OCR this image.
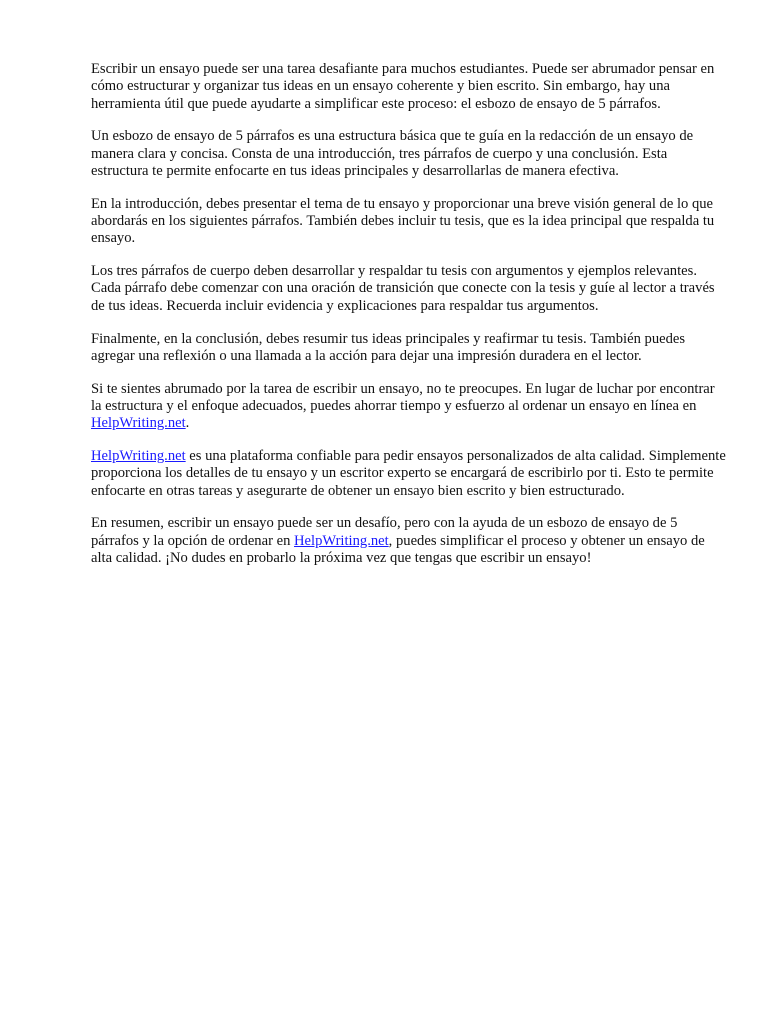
Escribir un ensayo puede ser una tarea desafiante para muchos estudiantes. Puede ser abrumador pensar en cómo estructurar y organizar tus ideas en un ensayo coherente y bien escrito. Sin embargo, hay una herramienta útil que puede ayudarte a simplificar este proceso: el esbozo de ensayo de 5 párrafos.

Un esbozo de ensayo de 5 párrafos es una estructura básica que te guía en la redacción de un ensayo de manera clara y concisa. Consta de una introducción, tres párrafos de cuerpo y una conclusión. Esta estructura te permite enfocarte en tus ideas principales y desarrollarlas de manera efectiva.

En la introducción, debes presentar el tema de tu ensayo y proporcionar una breve visión general de lo que abordarás en los siguientes párrafos. También debes incluir tu tesis, que es la idea principal que respalda tu ensayo.

Los tres párrafos de cuerpo deben desarrollar y respaldar tu tesis con argumentos y ejemplos relevantes. Cada párrafo debe comenzar con una oración de transición que conecte con la tesis y guíe al lector a través de tus ideas. Recuerda incluir evidencia y explicaciones para respaldar tus argumentos.

Finalmente, en la conclusión, debes resumir tus ideas principales y reafirmar tu tesis. También puedes agregar una reflexión o una llamada a la acción para dejar una impresión duradera en el lector.

Si te sientes abrumado por la tarea de escribir un ensayo, no te preocupes. En lugar de luchar por encontrar la estructura y el enfoque adecuados, puedes ahorrar tiempo y esfuerzo al ordenar un ensayo en línea en HelpWriting.net.

HelpWriting.net es una plataforma confiable para pedir ensayos personalizados de alta calidad. Simplemente proporciona los detalles de tu ensayo y un escritor experto se encargará de escribirlo por ti. Esto te permite enfocarte en otras tareas y asegurarte de obtener un ensayo bien escrito y bien estructurado.

En resumen, escribir un ensayo puede ser un desafío, pero con la ayuda de un esbozo de ensayo de 5 párrafos y la opción de ordenar en HelpWriting.net, puedes simplificar el proceso y obtener un ensayo de alta calidad. ¡No dudes en probarlo la próxima vez que tengas que escribir un ensayo!
